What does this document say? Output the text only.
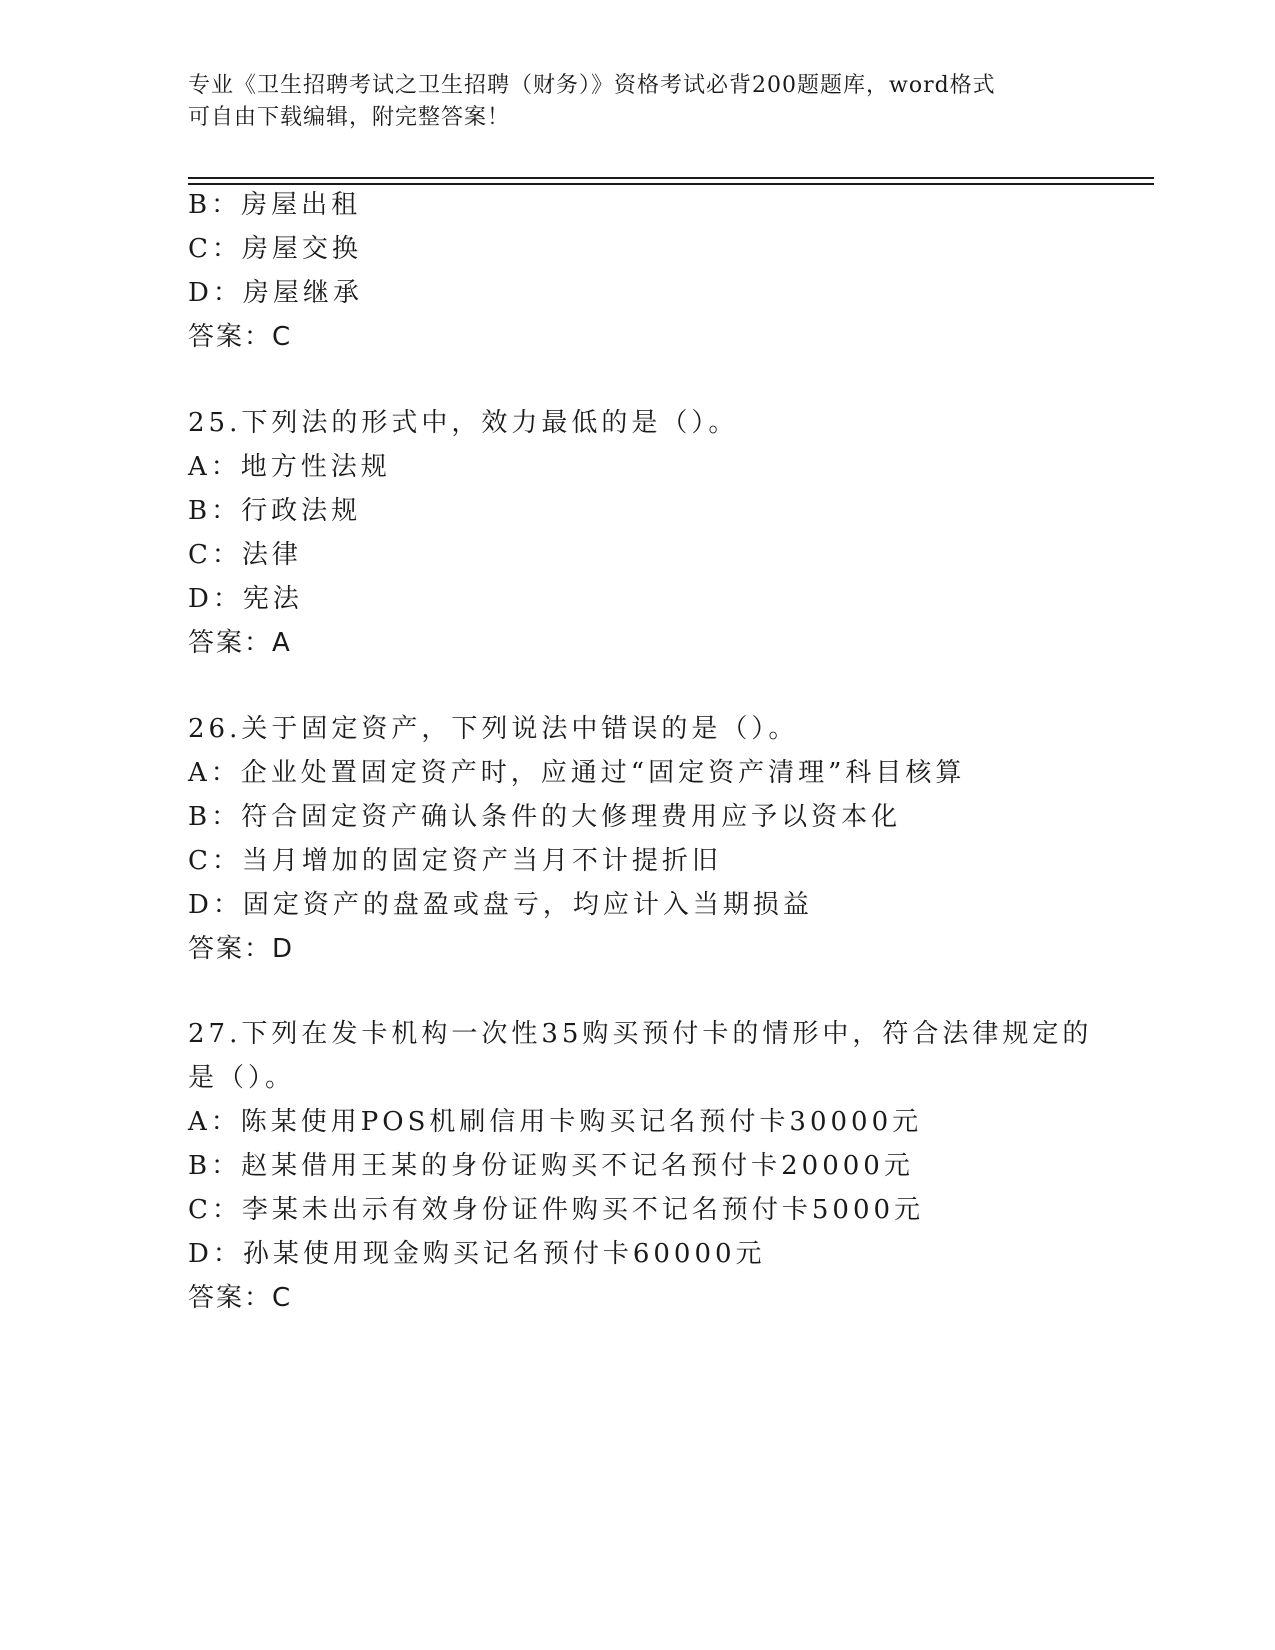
专业《卫生招聘考试之卫生招聘（财务）》资格考试必背200题题库，word格式
可自由下载编辑，附完整答案！
B：房屋出租
C：房屋交换
D：房屋继承
答案：C
25.下列法的形式中，效力最低的是（）。
A：地方性法规
B：行政法规
C：法律
D：宪法
答案：A
26.关于固定资产，下列说法中错误的是（）。
A：企业处置固定资产时，应通过“固定资产清理”科目核算
B：符合固定资产确认条件的大修理费用应予以资本化
C：当月增加的固定资产当月不计提折旧
D：固定资产的盘盈或盘亏，均应计入当期损益
答案：D
27.下列在发卡机构一次性35购买预付卡的情形中，符合法律规定的
是（）。
A：陈某使用POS机刷信用卡购买记名预付卡30000元
B：赵某借用王某的身份证购买不记名预付卡20000元
C：李某未出示有效身份证件购买不记名预付卡5000元
D：孙某使用现金购买记名预付卡60000元
答案：C
